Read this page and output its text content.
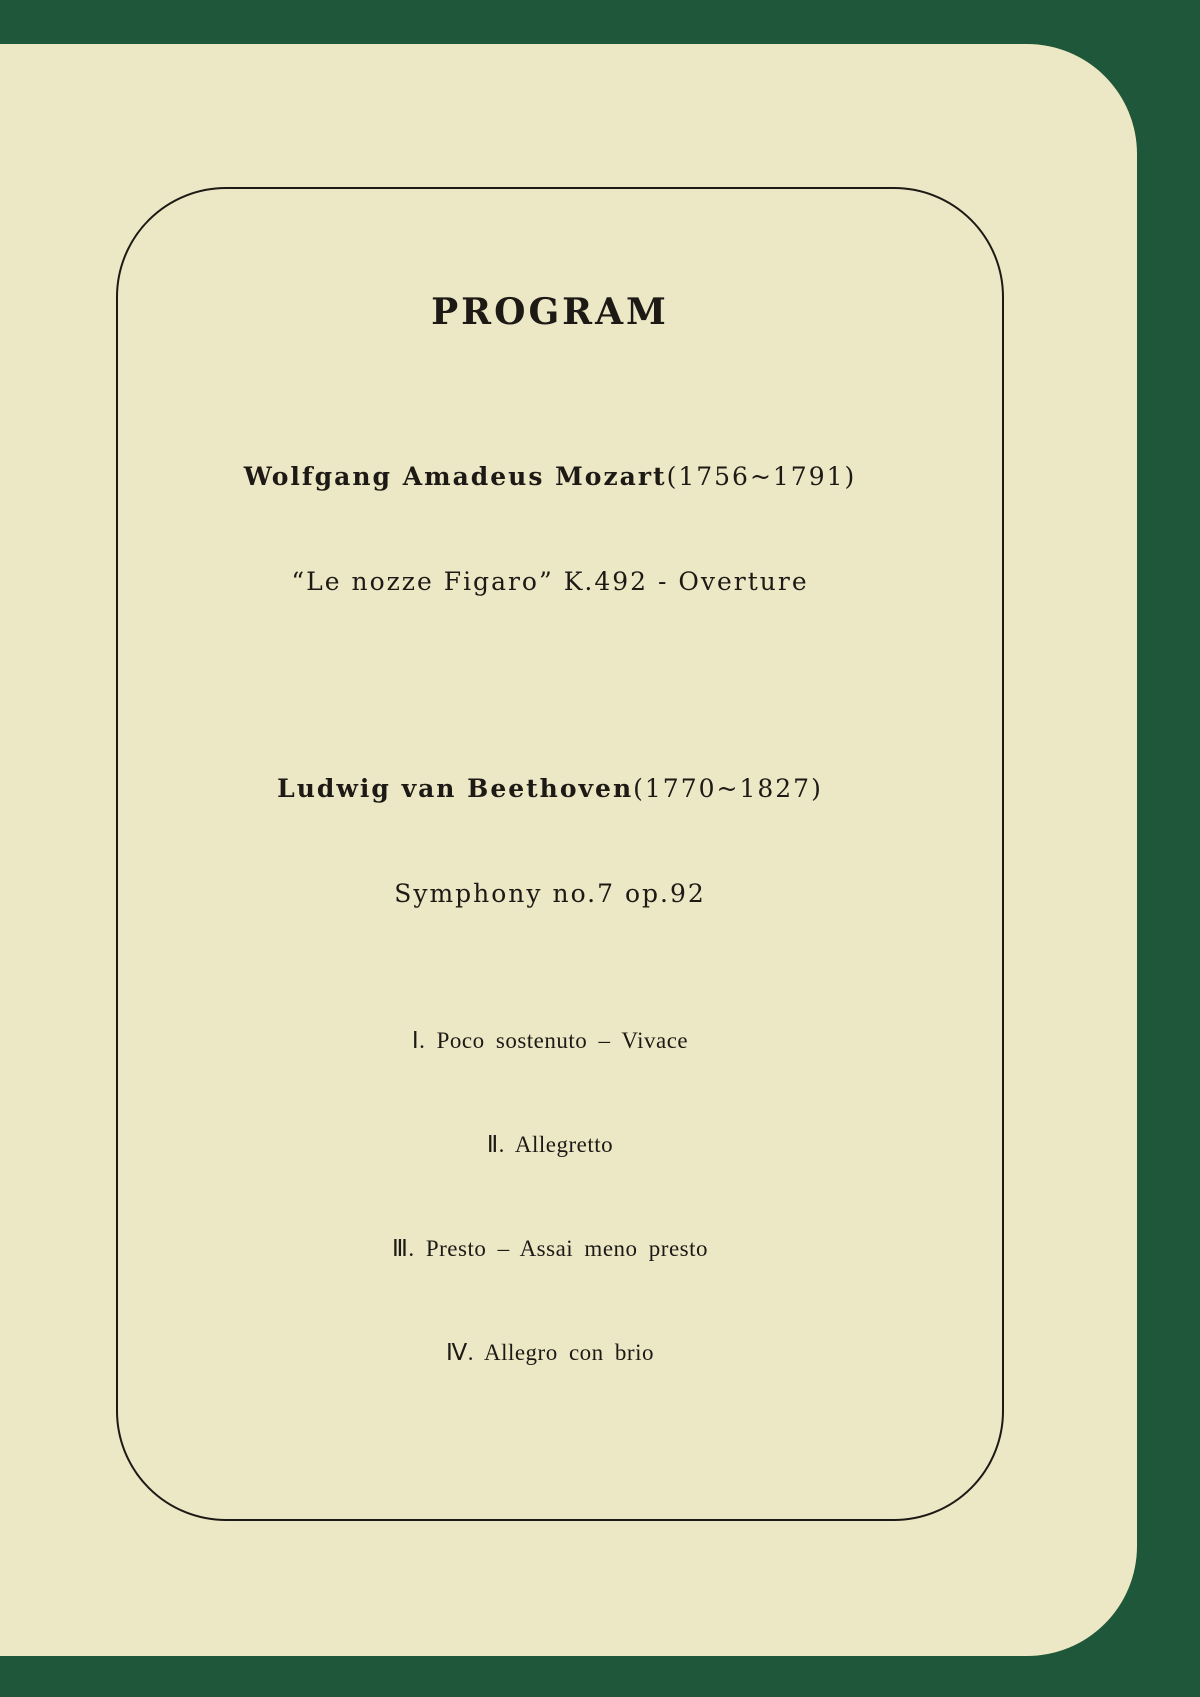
PROGRAM
Wolfgang Amadeus Mozart(1756~1791)
“Le nozze Figaro” K.492 - Overture
Ludwig van Beethoven(1770~1827)
Symphony no.7 op.92
Ⅰ. Poco sostenuto – Vivace
Ⅱ. Allegretto
Ⅲ. Presto – Assai meno presto
Ⅳ. Allegro con brio
